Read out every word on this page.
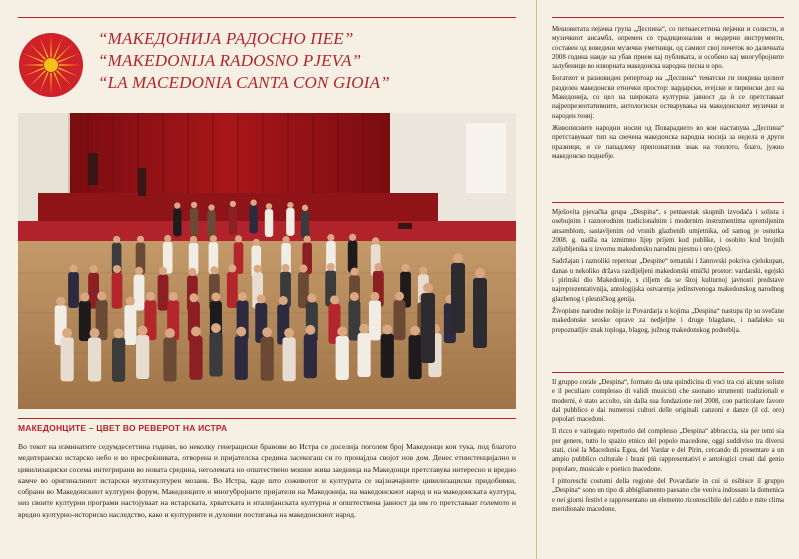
“МАКЕДОНИЈА РАДОСНО ПЕЕ”
“MAKEDONIJA RADOSNO PJEVA”
“LA MACEDONIA CANTA CON GIOIA”
МАКЕДОНЦИТЕ – ЦВЕТ ВО РЕВЕРОТ НА ИСТРА
Во текот на изминатите седумдесеттина години, во неколку генерациски бранови во Истра се доселија поголем број Македонци кои тука, под благото медитеранско истарско небо и во пресреќнивата, отворена и пријателска средина засекогаш си го пронајдоа својот нов дом. Денес етнистенцијално и цивилизациски сосема интегрирани во новата средина, неголемата но општествено мошне жива заедница на Македонци претставува интересно и вредно камче во оригиналниот истарски мултикултурен мозаик. Во Истра, каде што соживотот и културата се најзначајните цивилизациски придобивки, собрани во Македонскиот културен форум, Македонците и многубројните пријатели на Македонија, на македонскиот народ и на македонската култура, низ своите културни програми настојуваат на истарската, хрватската и италијанската културна и општествена јавност да им го претставаат големото и вредно културно-историско наследство, како и културните и духовни постигања на македонскиот народ.

Мешовитата пејачка група „Деспина“, со петнаесеттина пејачки и солисти, и музичкиот ансамбл, опремен со традиционални и модерни инструменти, составен од воведени музички уметници, од самиот свој почеток во далечната 2008 година наиде на убав прием кај публиката, и особено кај многубројните залубеници во изворната македонска народна песна и оро.

Богатиот и разновиден репертоар на „Деспина“ тематски ги покрива целиот разделен македонски етнички простор: вардарски, егејски и пирински дел на Македонија, со цел на широката културна јавност да ѝ се претставаат најрепрезентативните, антологиски остварувања на македонскиот музички и народен гениј.

Живописните народни носии од Поварадието во кои настапува „Деспина“ претставуваат тип на свечена македонска народна носија за недела и други празници, и се пападлеку препознатлив знак на топлото, благо, јужно македонско поднебје.

Mješovita pjevačka grupa „Despina“, s petnaestak skupnih izvođača i solista i osebujnim i raznorodnim tradicionalnim i modernim instrumentima opremljenim ansamblom, sastavljenim od vrsnih glazbenih umjetnika, od samog je osnutka 2008. g. naišla na izmimno lijep prijem kod publike, i osobito kod brojnih zaljubljenika u izvornu makedonsku narodnu pjesmu i oro (ples).

Sadržajan i raznoliki repertoar „Despine“ tematski i žanrovski pokriva cjelokupan, danas u nekoliko država razdijeljeni makedonski etnički prostor: vardarski, egejski i pirinski dio Makedonije, s ciljem da se široj kulturnoj javnosti predstave najreprezentativnija, antologijska ostvarenja jedinstvenoga makedonskog narodnog glazbenog i plesničkog genija.

Živopisne narodne nošnje iz Povardarja u kojima „Despina“ nastupa tip su svečane makedonske seoske oprave za nedjeljne i druge blagdane, i nadaleko su prepoznatljiv znak toploga, blagog, južnog makedonskog podneblja.

Il gruppo corale „Despina“, formato da una quindicina di voci tra cui alcune soliste e il peculiare complesso di validi musicisti che suonano strumenti tradizionali e moderni, è stato accolto, sin dalla sua fondazione nel 2008, con particolare favore dal pubblico e dai numerosi cultori delle originali canzoni e danze (il cd. oro) popolari macedoni.

Il ricco e variegato repertorio del complesso „Despina“ abbraccia, sia per temi sia per genere, tutto lo spazio etnico del popolo macedone, oggi suddiviso tra diversi stati, cioè la Macedonia Egea, del Vardar e del Pirin, cercando di presentare a un ampio pubblico culturale i brani più rappresentativi e antologici creati dal genio popolare, musicale e poetico macedone.

I pittoreschi costumi della regione del Povardarie in cui si esibisce il gruppo „Despina“ sono un tipo di abbigliamento paesano che veniva indossato la domenica e nei giorni festivi e rappresentano un elemento riconoscibile del caldo e mite clima meridionale macedone.
